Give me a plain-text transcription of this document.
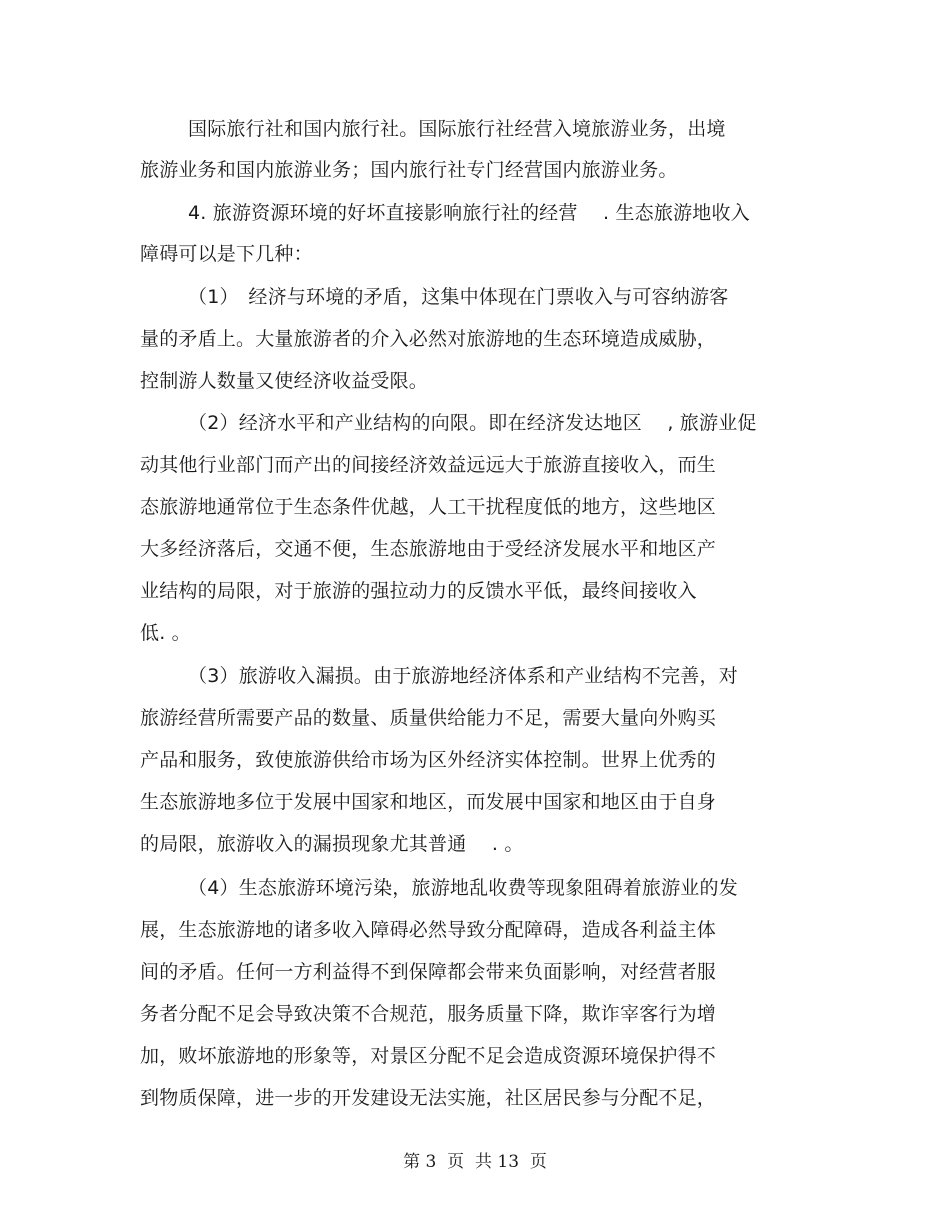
国际旅行社和国内旅行社。国际旅行社经营入境旅游业务，出境
旅游业务和国内旅游业务；国内旅行社专门经营国内旅游业务。
4. 旅游资源环境的好坏直接影响旅行社的经营　 . 生态旅游地收入
障碍可以是下几种：
（1）　经济与环境的矛盾，这集中体现在门票收入与可容纳游客
量的矛盾上。大量旅游者的介入必然对旅游地的生态环境造成威胁，
控制游人数量又使经济收益受限。
（2）经济水平和产业结构的向限。即在经济发达地区　 , 旅游业促
动其他行业部门而产出的间接经济效益远远大于旅游直接收入，而生
态旅游地通常位于生态条件优越，人工干扰程度低的地方，这些地区
大多经济落后，交通不便，生态旅游地由于受经济发展水平和地区产
业结构的局限，对于旅游的强拉动力的反馈水平低，最终间接收入
低. 。
（3）旅游收入漏损。由于旅游地经济体系和产业结构不完善，对
旅游经营所需要产品的数量、质量供给能力不足，需要大量向外购买
产品和服务，致使旅游供给市场为区外经济实体控制。世界上优秀的
生态旅游地多位于发展中国家和地区，而发展中国家和地区由于自身
的局限，旅游收入的漏损现象尤其普通　 . 。
（4）生态旅游环境污染，旅游地乱收费等现象阻碍着旅游业的发
展，生态旅游地的诸多收入障碍必然导致分配障碍，造成各利益主体
间的矛盾。任何一方利益得不到保障都会带来负面影响，对经营者服
务者分配不足会导致决策不合规范，服务质量下降，欺诈宰客行为增
加，败坏旅游地的形象等，对景区分配不足会造成资源环境保护得不
到物质保障，进一步的开发建设无法实施，社区居民参与分配不足，
第 3  页  共 13  页
